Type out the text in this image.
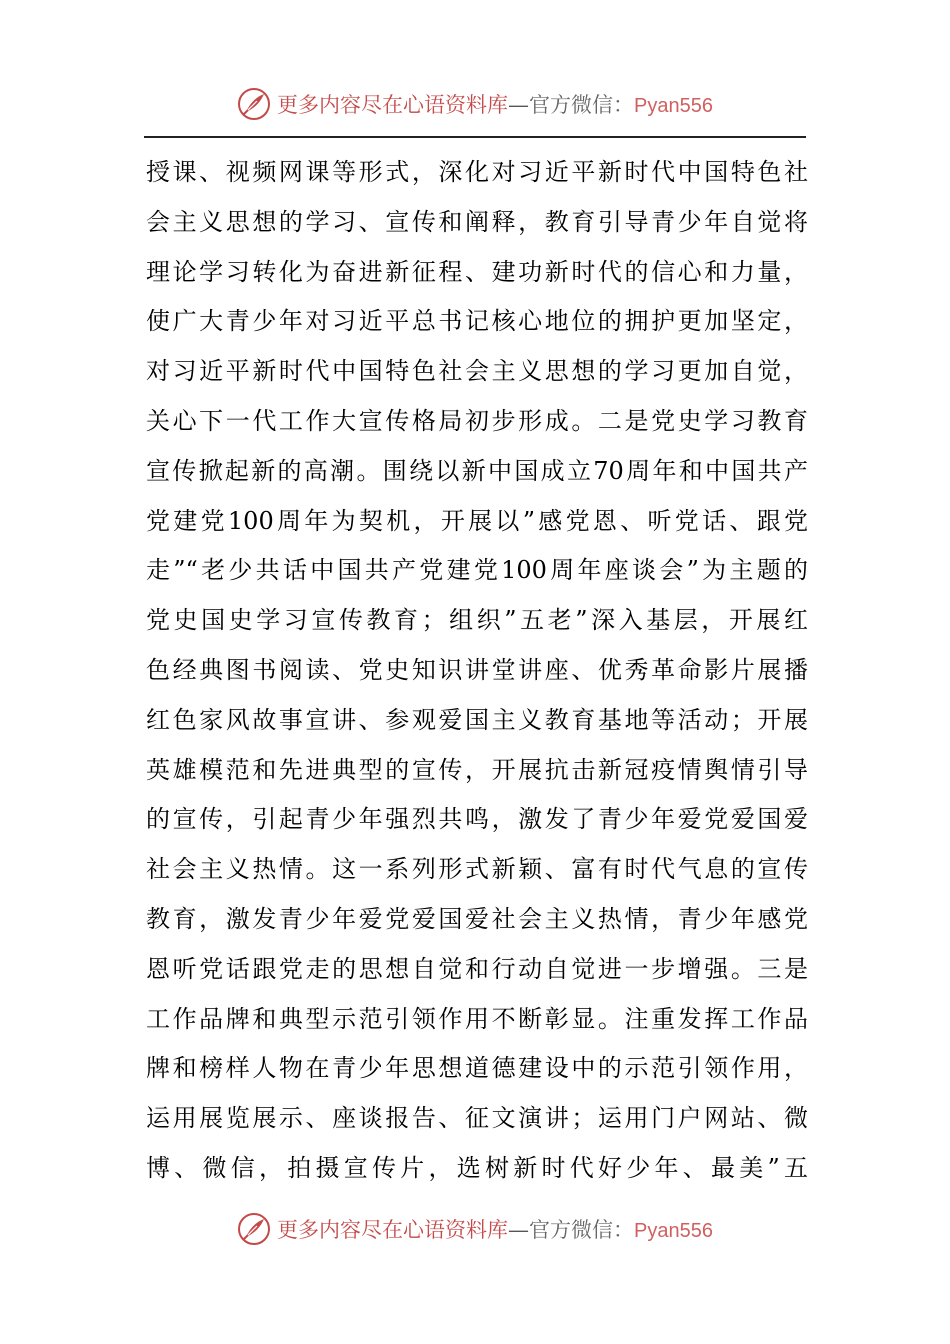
更多内容尽在心语资料库—官方微信：Pyan556
授课、视频网课等形式，深化对习近平新时代中国特色社
会主义思想的学习、宣传和阐释，教育引导青少年自觉将
理论学习转化为奋进新征程、建功新时代的信心和力量，
使广大青少年对习近平总书记核心地位的拥护更加坚定，
对习近平新时代中国特色社会主义思想的学习更加自觉，
关心下一代工作大宣传格局初步形成。二是党史学习教育
宣传掀起新的高潮。围绕以新中国成立70周年和中国共产
党建党100周年为契机，开展以”感党恩、听党话、跟党
走”“老少共话中国共产党建党100周年座谈会”为主题的
党史国史学习宣传教育；组织”五老”深入基层，开展红
色经典图书阅读、党史知识讲堂讲座、优秀革命影片展播
红色家风故事宣讲、参观爱国主义教育基地等活动；开展
英雄模范和先进典型的宣传，开展抗击新冠疫情舆情引导
的宣传，引起青少年强烈共鸣，激发了青少年爱党爱国爱
社会主义热情。这一系列形式新颖、富有时代气息的宣传
教育，激发青少年爱党爱国爱社会主义热情，青少年感党
恩听党话跟党走的思想自觉和行动自觉进一步增强。三是
工作品牌和典型示范引领作用不断彰显。注重发挥工作品
牌和榜样人物在青少年思想道德建设中的示范引领作用，
运用展览展示、座谈报告、征文演讲；运用门户网站、微
博、微信，拍摄宣传片，选树新时代好少年、最美”五
更多内容尽在心语资料库—官方微信：Pyan556
